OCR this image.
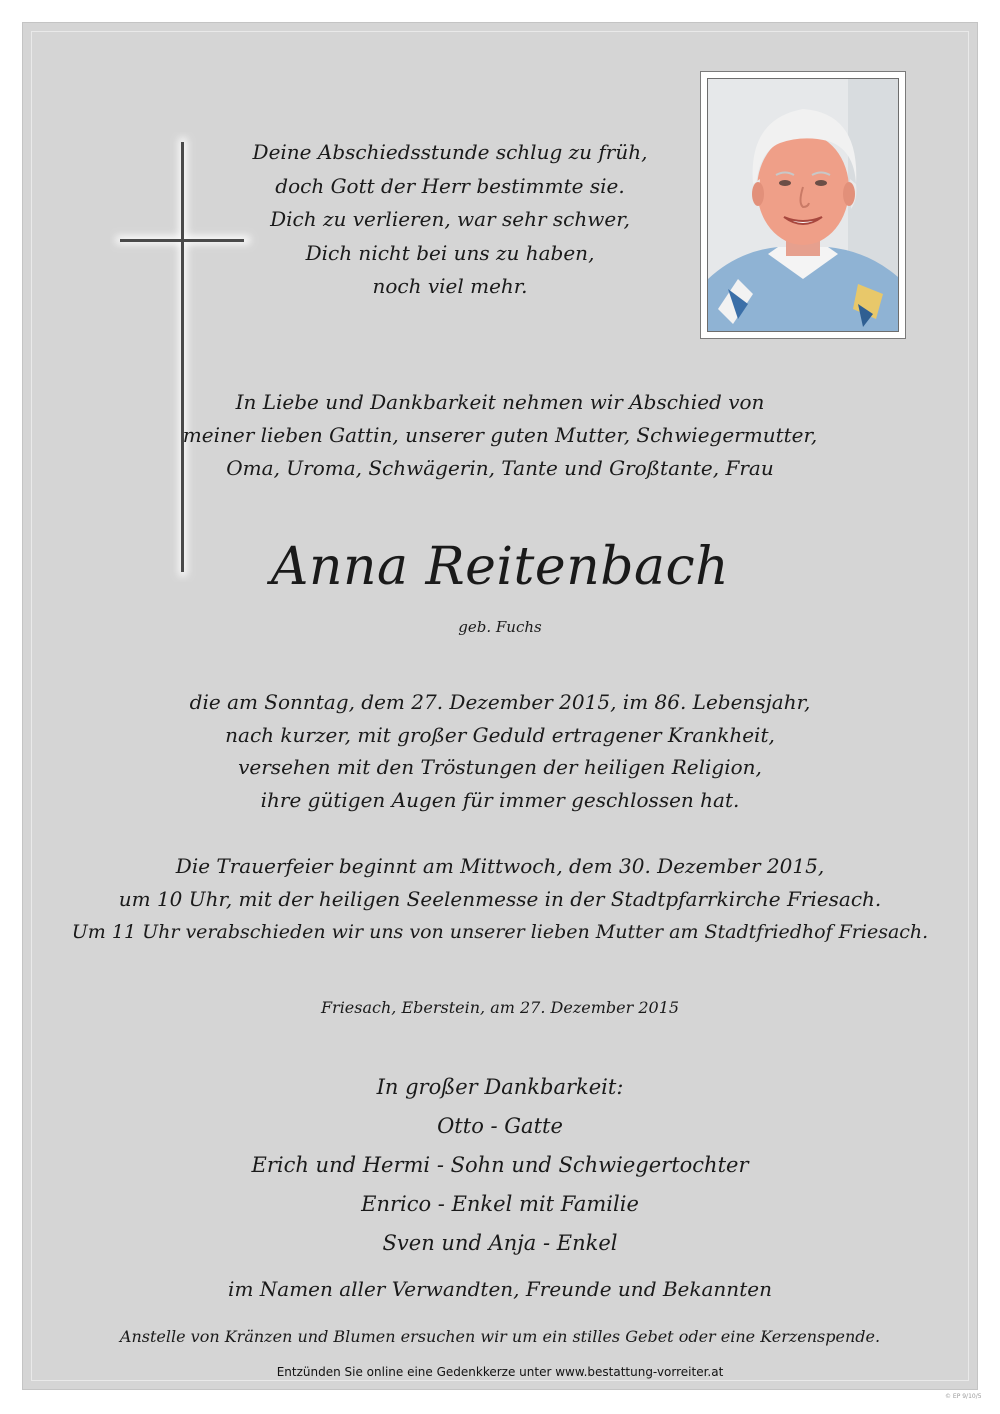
Deine Abschiedsstunde schlug zu früh,
doch Gott der Herr bestimmte sie.
Dich zu verlieren, war sehr schwer,
Dich nicht bei uns zu haben,
noch viel mehr.
In Liebe und Dankbarkeit nehmen wir Abschied von
meiner lieben Gattin, unserer guten Mutter, Schwiegermutter,
Oma, Uroma, Schwägerin, Tante und Großtante, Frau
Anna Reitenbach
geb. Fuchs
die am Sonntag, dem 27. Dezember 2015, im 86. Lebensjahr,
nach kurzer, mit großer Geduld ertragener Krankheit,
versehen mit den Tröstungen der heiligen Religion,
ihre gütigen Augen für immer geschlossen hat.
Die Trauerfeier beginnt am Mittwoch, dem 30. Dezember 2015,
um 10 Uhr, mit der heiligen Seelenmesse in der Stadtpfarrkirche Friesach.
Um 11 Uhr verabschieden wir uns von unserer lieben Mutter am Stadtfriedhof Friesach.
Friesach, Eberstein, am 27. Dezember 2015
In großer Dankbarkeit:
Otto - Gatte
Erich und Hermi - Sohn und Schwiegertochter
Enrico - Enkel mit Familie
Sven und Anja - Enkel
im Namen aller Verwandten, Freunde und Bekannten
Anstelle von Kränzen und Blumen ersuchen wir um ein stilles Gebet oder eine Kerzenspende.
Entzünden Sie online eine Gedenkkerze unter www.bestattung-vorreiter.at
© EP 9/10/5
